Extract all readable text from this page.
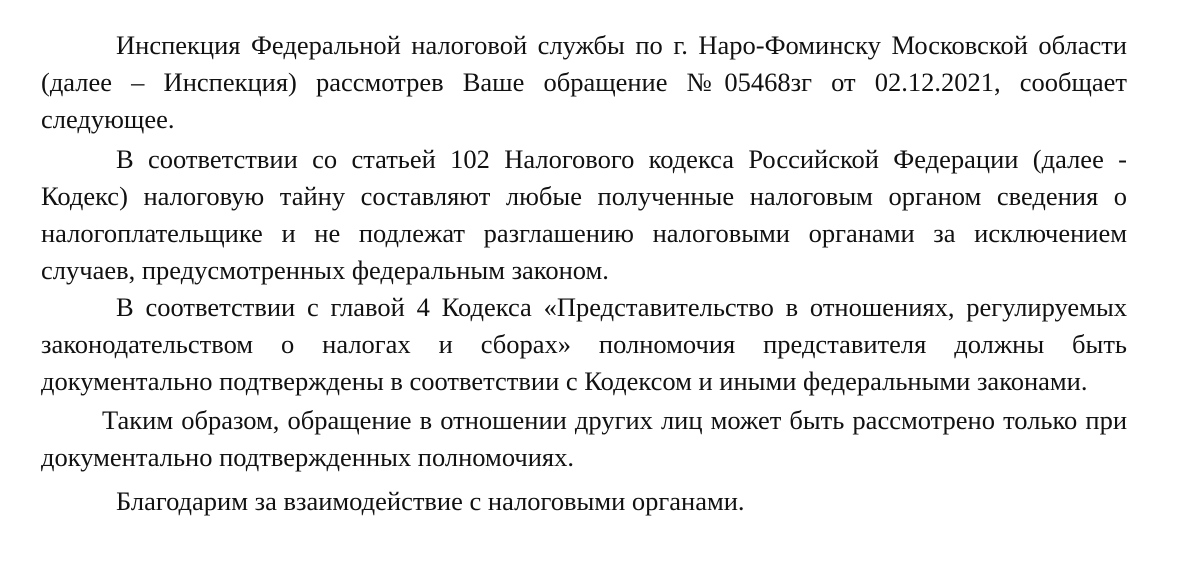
Инспекция Федеральной налоговой службы по г. Наро-Фоминску Московской области (далее – Инспекция) рассмотрев Ваше обращение №05468зг от 02.12.2021, сообщает следующее.

В соответствии со статьей 102 Налогового кодекса Российской Федерации (далее - Кодекс) налоговую тайну составляют любые полученные налоговым органом сведения о налогоплательщике и не подлежат разглашению налоговыми органами за исключением случаев, предусмотренных федеральным законом.

В соответствии с главой 4 Кодекса «Представительство в отношениях, регулируемых законодательством о налогах и сборах» полномочия представителя должны быть документально подтверждены в соответствии с Кодексом и иными федеральными законами.

Таким образом, обращение в отношении других лиц может быть рассмотрено только при документально подтвержденных полномочиях.

Благодарим за взаимодействие с налоговыми органами.
